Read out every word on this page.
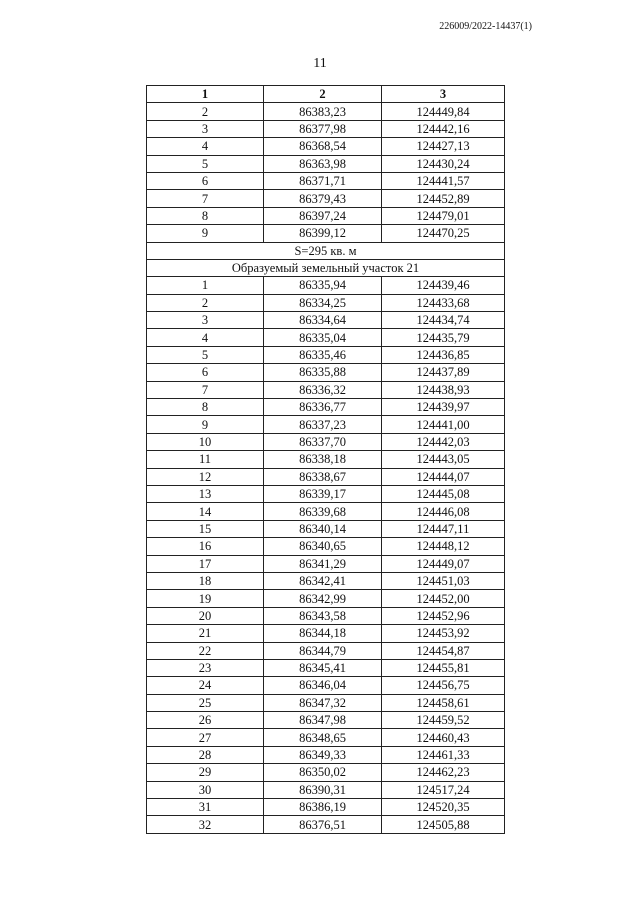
226009/2022-14437(1)
11
1	2	3
2	86383,23	124449,84
3	86377,98	124442,16
4	86368,54	124427,13
5	86363,98	124430,24
6	86371,71	124441,57
7	86379,43	124452,89
8	86397,24	124479,01
9	86399,12	124470,25
S=295 кв. м		
Образуемый земельный участок 21		
1	86335,94	124439,46
2	86334,25	124433,68
3	86334,64	124434,74
4	86335,04	124435,79
5	86335,46	124436,85
6	86335,88	124437,89
7	86336,32	124438,93
8	86336,77	124439,97
9	86337,23	124441,00
10	86337,70	124442,03
11	86338,18	124443,05
12	86338,67	124444,07
13	86339,17	124445,08
14	86339,68	124446,08
15	86340,14	124447,11
16	86340,65	124448,12
17	86341,29	124449,07
18	86342,41	124451,03
19	86342,99	124452,00
20	86343,58	124452,96
21	86344,18	124453,92
22	86344,79	124454,87
23	86345,41	124455,81
24	86346,04	124456,75
25	86347,32	124458,61
26	86347,98	124459,52
27	86348,65	124460,43
28	86349,33	124461,33
29	86350,02	124462,23
30	86390,31	124517,24
31	86386,19	124520,35
32	86376,51	124505,88
